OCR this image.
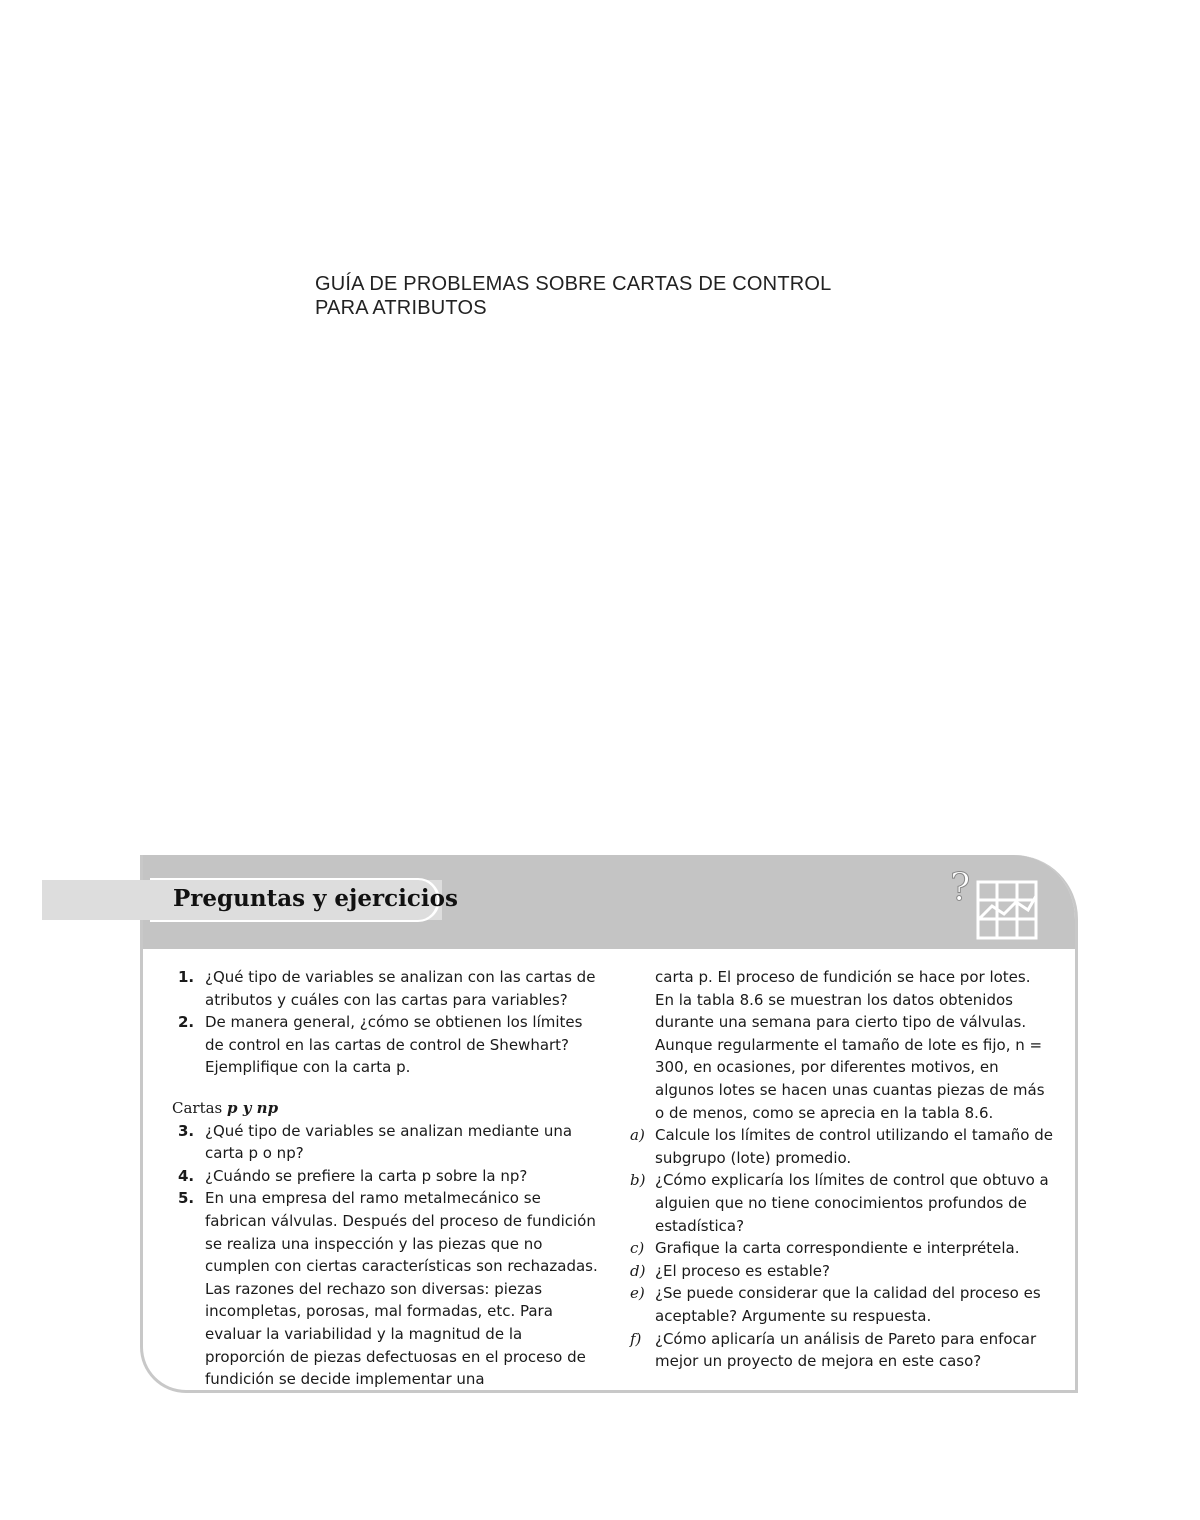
GUÍA DE PROBLEMAS SOBRE CARTAS DE CONTROL
PARA ATRIBUTOS
Preguntas y ejercicios	?
1. ¿Qué tipo de variables se analizan con las cartas de atributos y cuáles con las cartas para variables?
2. De manera general, ¿cómo se obtienen los límites de control en las cartas de control de Shewhart? Ejemplifique con la carta p.

Cartas p y np

3. ¿Qué tipo de variables se analizan mediante una carta p o np?
4. ¿Cuándo se prefiere la carta p sobre la np?
5. En una empresa del ramo metalmecánico se fabrican válvulas. Después del proceso de fundición se realiza una inspección y las piezas que no cumplen con ciertas características son rechazadas. Las razones del rechazo son diversas: piezas incompletas, porosas, mal formadas, etc. Para evaluar la variabilidad y la magnitud de la proporción de piezas defectuosas en el proceso de fundición se decide implementar una

carta p. El proceso de fundición se hace por lotes. En la tabla 8.6 se muestran los datos obtenidos durante una semana para cierto tipo de válvulas. Aunque regularmente el tamaño de lote es fijo, n = 300, en ocasiones, por diferentes motivos, en algunos lotes se hacen unas cuantas piezas de más o de menos, como se aprecia en la tabla 8.6.

a) Calcule los límites de control utilizando el tamaño de subgrupo (lote) promedio.
b) ¿Cómo explicaría los límites de control que obtuvo a alguien que no tiene conocimientos profundos de estadística?
c) Grafique la carta correspondiente e interprételа.
d) ¿El proceso es estable?
e) ¿Se puede considerar que la calidad del proceso es aceptable? Argumente su respuesta.
f) ¿Cómo aplicaría un análisis de Pareto para enfocar mejor un proyecto de mejora en este caso?
